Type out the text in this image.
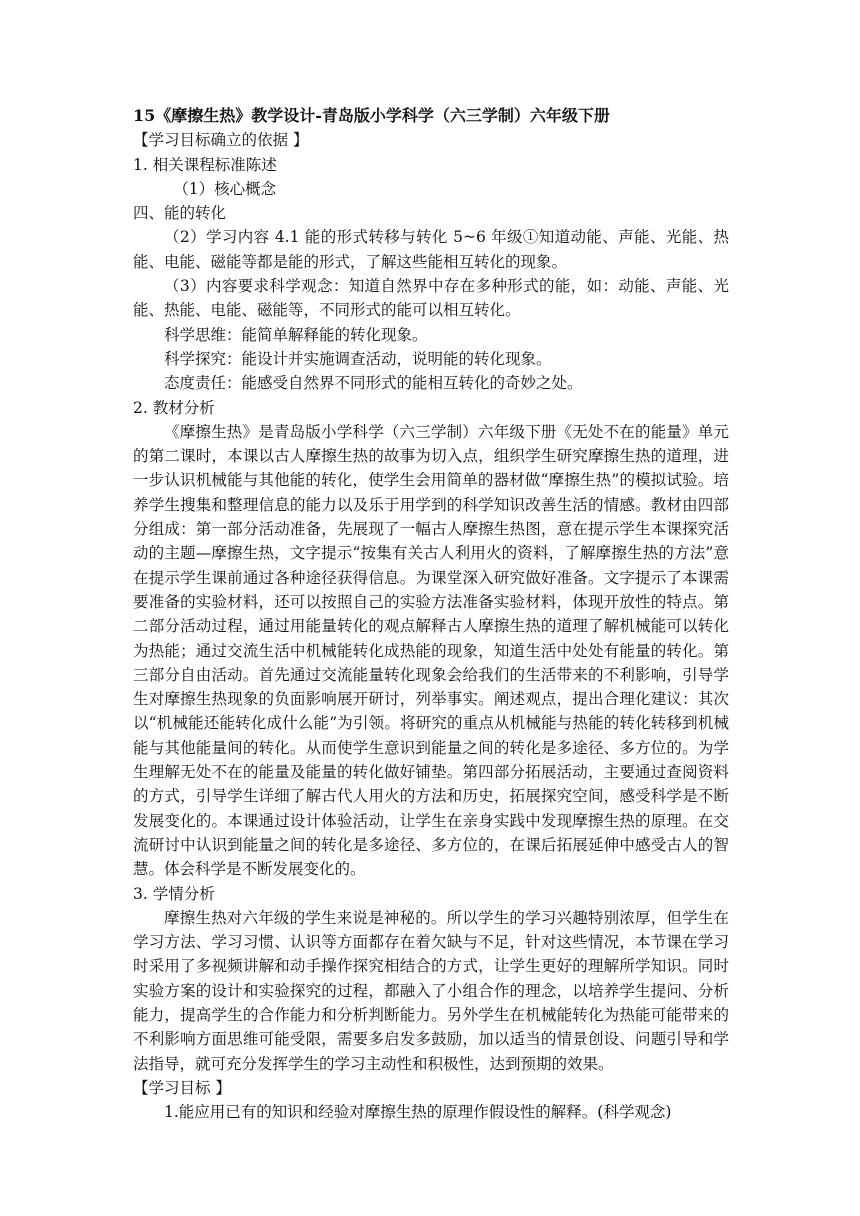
15《摩擦生热》教学设计-青岛版小学科学（六三学制）六年级下册
【学习目标确立的依据 】
1. 相关课程标准陈述
（1）核心概念
四、能的转化

（2）学习内容 4.1 能的形式转移与转化 5~6 年级①知道动能、声能、光能、热能、电能、磁能等都是能的形式，了解这些能相互转化的现象。

（3）内容要求科学观念：知道自然界中存在多种形式的能，如：动能、声能、光能、热能、电能、磁能等，不同形式的能可以相互转化。

科学思维：能简单解释能的转化现象。
科学探究：能设计并实施调查活动，说明能的转化现象。
态度责任：能感受自然界不同形式的能相互转化的奇妙之处。
2. 教材分析

《摩擦生热》是青岛版小学科学（六三学制）六年级下册《无处不在的能量》单元的第二课时，本课以古人摩擦生热的故事为切入点，组织学生研究摩擦生热的道理，进一步认识机械能与其他能的转化，使学生会用简单的器材做“摩擦生热”的模拟试验。培养学生搜集和整理信息的能力以及乐于用学到的科学知识改善生活的情感。教材由四部分组成：第一部分活动准备，先展现了一幅古人摩擦生热图，意在提示学生本课探究活动的主题—摩擦生热，文字提示“按集有关古人利用火的资料，了解摩擦生热的方法”意在提示学生课前通过各种途径获得信息。为课堂深入研究做好准备。文字提示了本课需要准备的实验材料，还可以按照自己的实验方法准备实验材料，体现开放性的特点。第二部分活动过程，通过用能量转化的观点解释古人摩擦生热的道理了解机械能可以转化为热能；通过交流生活中机械能转化成热能的现象，知道生活中处处有能量的转化。第三部分自由活动。首先通过交流能量转化现象会给我们的生活带来的不利影响，引导学生对摩擦生热现象的负面影响展开研讨，列举事实。阐述观点，提出合理化建议：其次以“机械能还能转化成什么能”为引领。将研究的重点从机械能与热能的转化转移到机械能与其他能量间的转化。从而使学生意识到能量之间的转化是多途径、多方位的。为学生理解无处不在的能量及能量的转化做好铺垫。第四部分拓展活动，主要通过查阅资料的方式，引导学生详细了解古代人用火的方法和历史，拓展探究空间，感受科学是不断发展变化的。本课通过设计体验活动，让学生在亲身实践中发现摩擦生热的原理。在交流研讨中认识到能量之间的转化是多途径、多方位的，在课后拓展延伸中感受古人的智慧。体会科学是不断发展变化的。

3. 学情分析

摩擦生热对六年级的学生来说是神秘的。所以学生的学习兴趣特别浓厚，但学生在学习方法、学习习惯、认识等方面都存在着欠缺与不足，针对这些情况，本节课在学习时采用了多视频讲解和动手操作探究相结合的方式，让学生更好的理解所学知识。同时实验方案的设计和实验探究的过程，都融入了小组合作的理念，以培养学生提问、分析能力，提高学生的合作能力和分析判断能力。另外学生在机械能转化为热能可能带来的不利影响方面思维可能受限，需要多启发多鼓励，加以适当的情景创设、问题引导和学法指导，就可充分发挥学生的学习主动性和积极性，达到预期的效果。

【学习目标 】
1.能应用已有的知识和经验对摩擦生热的原理作假设性的解释。(科学观念)
